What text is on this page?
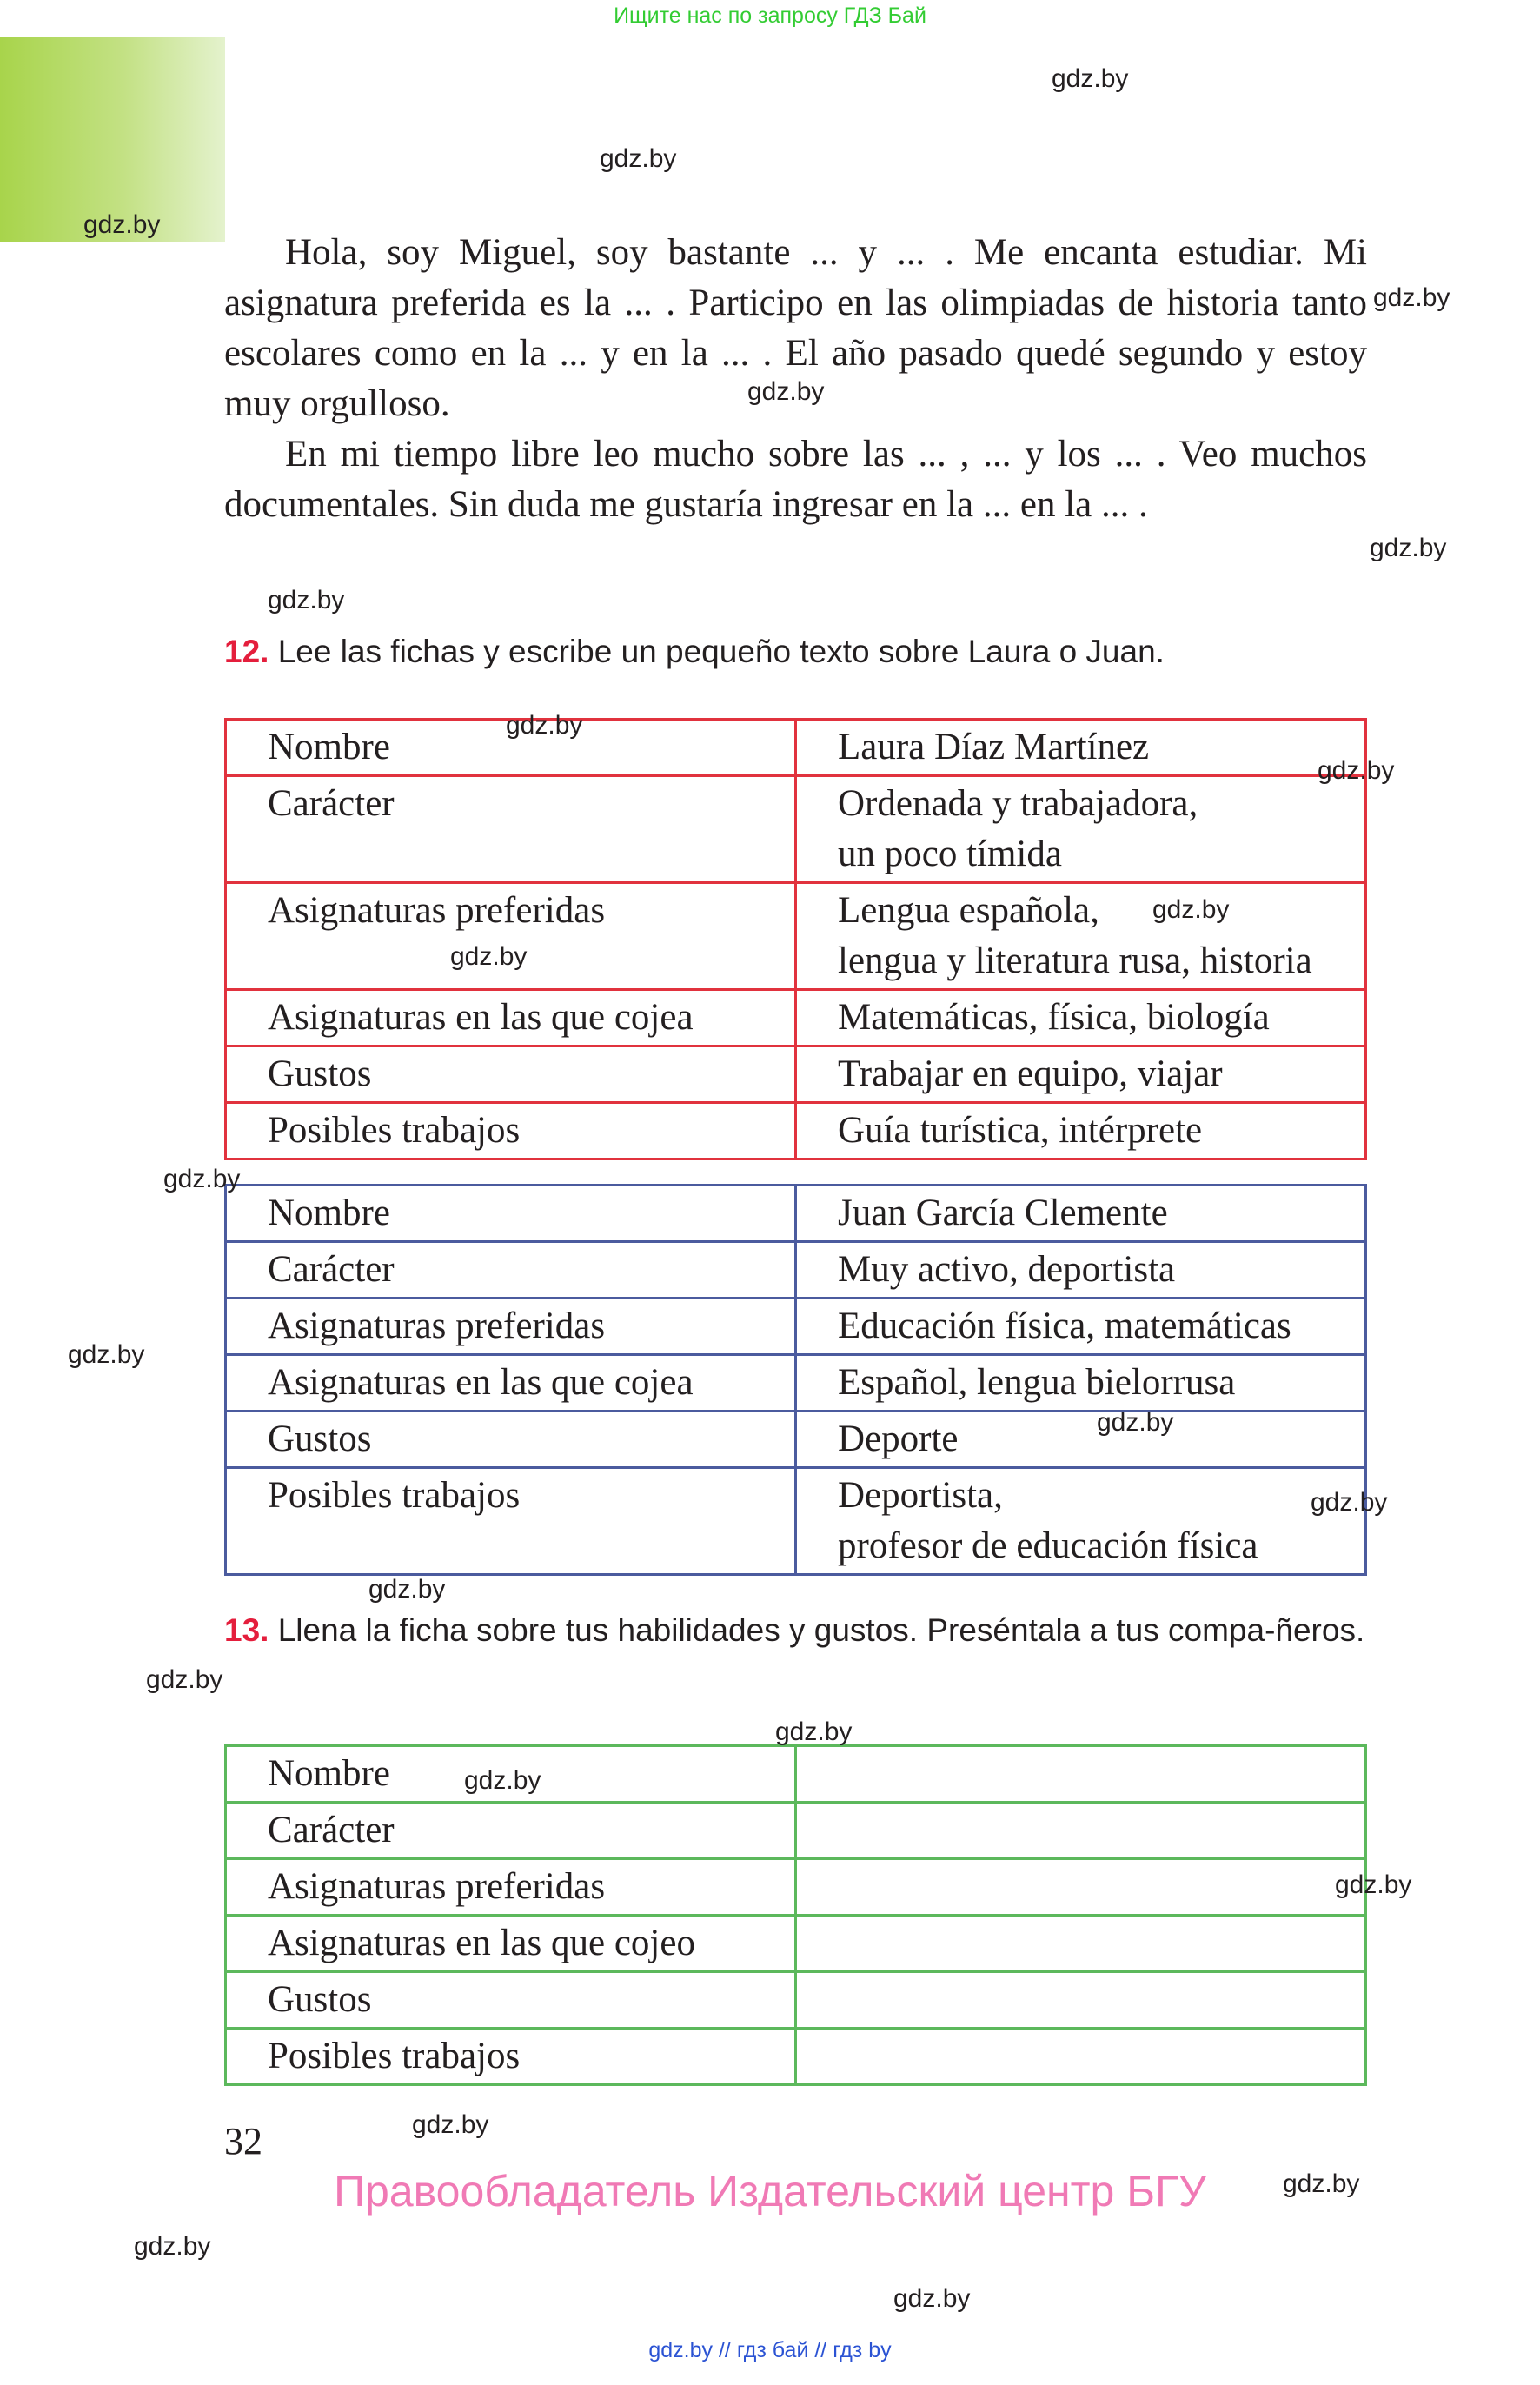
Ищите нас по запросу ГДЗ Бай

Hola, soy Miguel, soy bastante ... y ... . Me encanta estudiar. Mi asignatura preferida es la ... . Participo en las olimpiadas de historia tanto escolares como en la ... y en la ... . El año pasado quedé segundo y estoy muy orgulloso.

En mi tiempo libre leo mucho sobre las ... , ... y los ... . Veo muchos documentales. Sin duda me gustaría ingresar en la ... en la ... .

12. Lee las fichas y escribe un pequeño texto sobre Laura o Juan.
Nombre	Laura Díaz Martínez

Carácter	Ordenada y trabajadora,
un poco tímida

Asignaturas preferidas	Lengua española,
lengua y literatura rusa, historia

Asignaturas en las que cojea	Matemáticas, física, biología

Gustos	Trabajar en equipo, viajar

Posibles trabajos	Guía turística, intérprete
Nombre	Juan García Clemente

Carácter	Muy activo, deportista

Asignaturas preferidas	Educación física, matemáticas

Asignaturas en las que cojea	Español, lengua bielorrusa

Gustos	Deporte

Posibles trabajos	Deportista,
profesor de educación física
13. Llena la ficha sobre tus habilidades y gustos. Preséntala a tus compa-ñeros.
Nombre	
Carácter	
Asignaturas preferidas	
Asignaturas en las que cojeo	
Gustos	
Posibles trabajos	
32
Правообладатель Издательский центр БГУ
gdz.by // гдз бай // гдз by
gdz.by
gdz.by
gdz.by
gdz.by
gdz.by
gdz.by
gdz.by
gdz.by
gdz.by
gdz.by
gdz.by
gdz.by
gdz.by
gdz.by
gdz.by
gdz.by
gdz.by
gdz.by
gdz.by
gdz.by
gdz.by
gdz.by
gdz.by
gdz.by
